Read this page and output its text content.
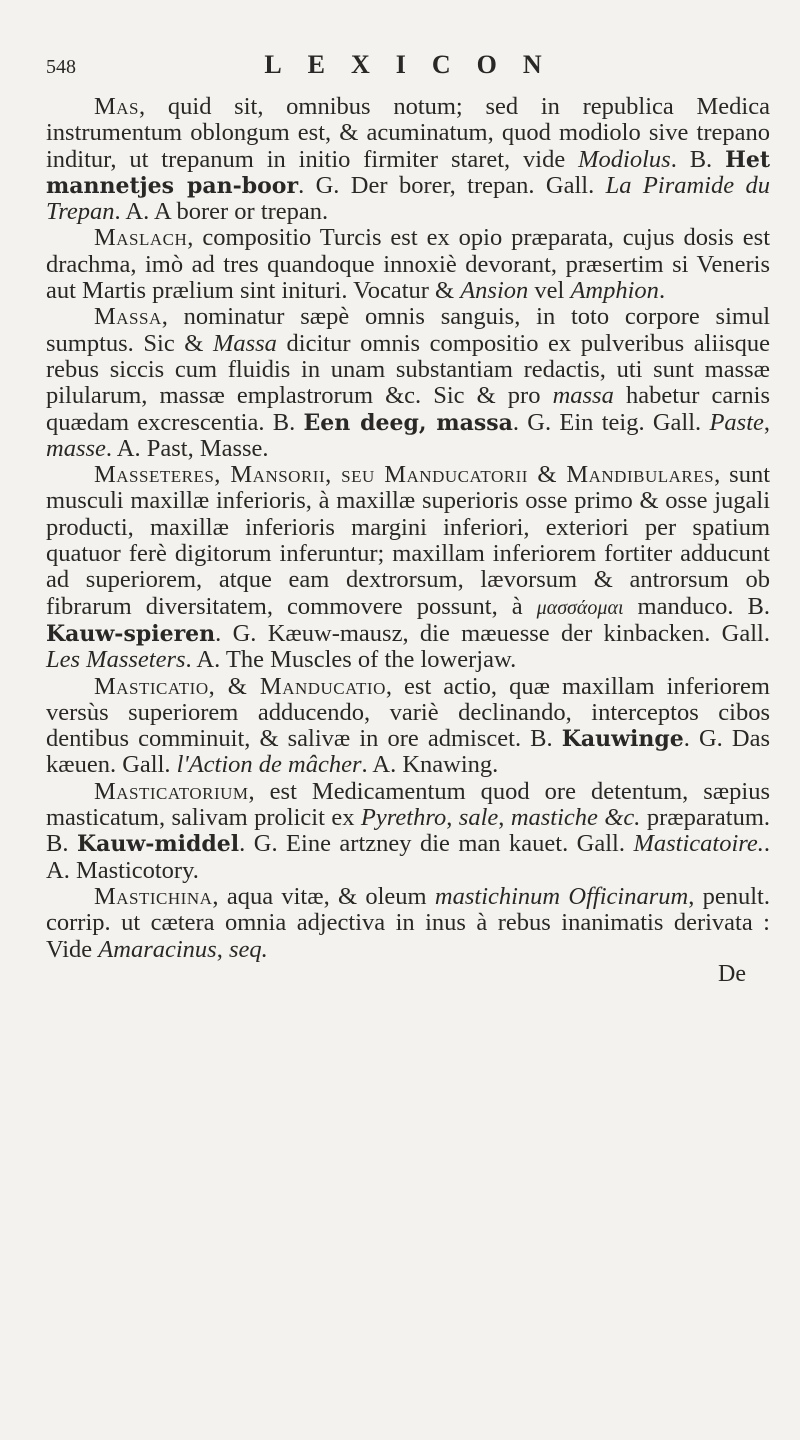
548	LEXICON

Mas, quid sit, omnibus notum; sed in republica Medica instrumentum oblongum est, & acuminatum, quod modiolo sive trepano inditur, ut trepanum in initio firmiter staret, vide Modiolus. B. Het mannetjes pan-boor. G. Der borer, trepan. Gall. La Piramide du Trepan. A. A borer or trepan.

Maslach, compositio Turcis est ex opio præparata, cujus dosis est drachma, imò ad tres quandoque innoxiè devorant, præsertim si Veneris aut Martis prælium sint inituri. Vocatur & Ansion vel Amphion.

Massa, nominatur sæpè omnis sanguis, in toto corpore simul sumptus. Sic & Massa dicitur omnis compositio ex pulveribus aliisque rebus siccis cum fluidis in unam substantiam redactis, uti sunt massæ pilularum, massæ emplastrorum &c. Sic & pro massa habetur carnis quædam excrescentia. B. Een deeg, massa. G. Ein teig. Gall. Paste, masse. A. Past, Masse.

Masseteres, Mansorii, seu Manducatorii & Mandibulares, sunt musculi maxillæ inferioris, à maxillæ superioris osse primo & osse jugali producti, maxillæ inferioris margini inferiori, exteriori per spatium quatuor ferè digitorum inferuntur; maxillam inferiorem fortiter adducunt ad superiorem, atque eam dextrorsum, lævorsum & antrorsum ob fibrarum diversitatem, commovere possunt, à μασσάομαι manduco. B. Kauw-spieren. G. Kæuw-mausz, die mæuesse der kinbacken. Gall. Les Masseters. A. The Muscles of the lowerjaw.

Masticatio, & Manducatio, est actio, quæ maxillam inferiorem versùs superiorem adducendo, variè declinando, interceptos cibos dentibus comminuit, & salivæ in ore admiscet. B. Kauwinge. G. Das kæuen. Gall. l'Action de mâcher. A. Knawing.

Masticatorium, est Medicamentum quod ore detentum, sæpius masticatum, salivam prolicit ex Pyrethro, sale, mastiche &c. præparatum. B. Kauw-middel. G. Eine artzney die man kauet. Gall. Masticatoire.. A. Masticotory.

Mastichina, aqua vitæ, & oleum mastichinum Officinarum, penult. corrip. ut cætera omnia adjectiva in inus à rebus inanimatis derivata : Vide Amaracinus, seq.

De
